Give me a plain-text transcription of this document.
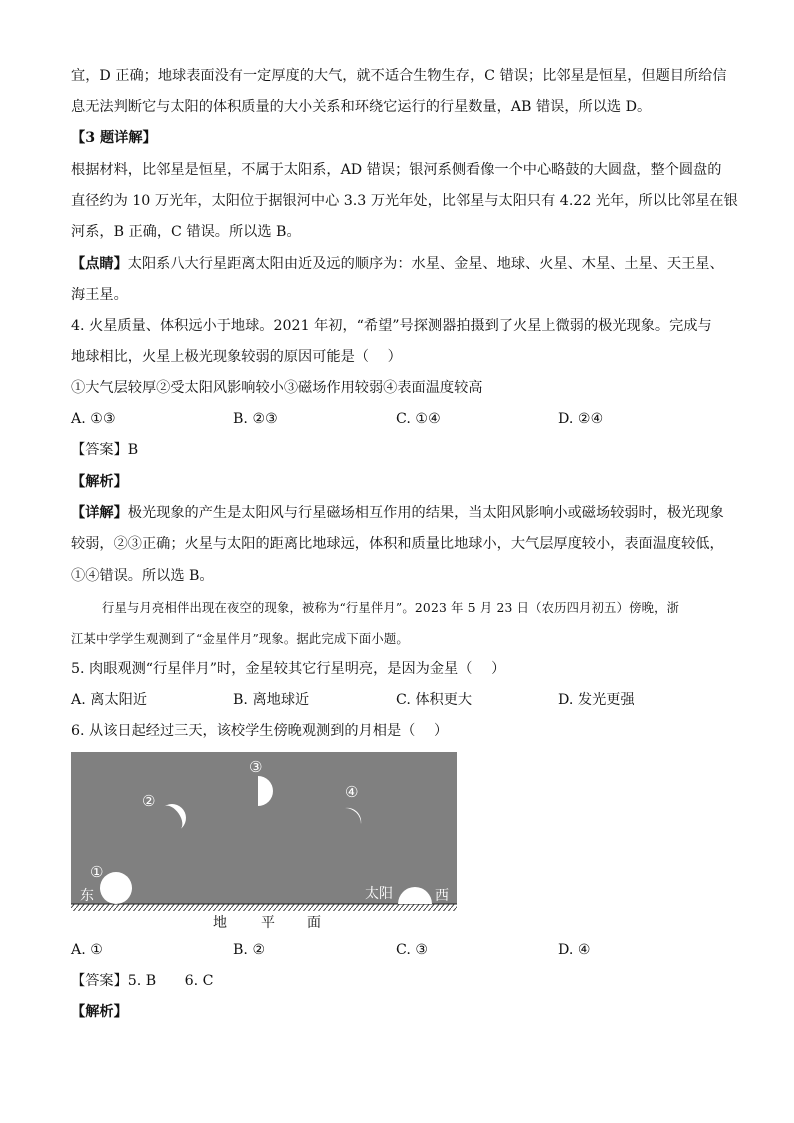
宜，D 正确；地球表面没有一定厚度的大气，就不适合生物生存，C 错误；比邻星是恒星，但题目所给信
息无法判断它与太阳的体积质量的大小关系和环绕它运行的行星数量，AB 错误，所以选 D。
【3 题详解】
根据材料，比邻星是恒星，不属于太阳系，AD 错误；银河系侧看像一个中心略鼓的大圆盘，整个圆盘的
直径约为 10 万光年，太阳位于据银河中心 3.3 万光年处，比邻星与太阳只有 4.22 光年，所以比邻星在银
河系，B 正确，C 错误。所以选 B。
【点睛】太阳系八大行星距离太阳由近及远的顺序为：水星、金星、地球、火星、木星、土星、天王星、
海王星。
4. 火星质量、体积远小于地球。2021 年初，“希望”号探测器拍摄到了火星上微弱的极光现象。完成与
地球相比，火星上极光现象较弱的原因可能是（　 ）
①大气层较厚②受太阳风影响较小③磁场作用较弱④表面温度较高
A. ①③	B. ②③	C. ①④	D. ②④
【答案】B
【解析】
【详解】极光现象的产生是太阳风与行星磁场相互作用的结果，当太阳风影响小或磁场较弱时，极光现象
较弱，②③正确；火星与太阳的距离比地球远，体积和质量比地球小，大气层厚度较小，表面温度较低，
①④错误。所以选 B。
行星与月亮相伴出现在夜空的现象，被称为“行星伴月”。2023 年 5 月 23 日（农历四月初五）傍晚，浙
江某中学学生观测到了“金星伴月”现象。据此完成下面小题。
5. 肉眼观测“行星伴月”时，金星较其它行星明亮，是因为金星（　 ）
A. 离太阳近	B. 离地球近	C. 体积更大	D. 发光更强
6. 从该日起经过三天，该校学生傍晚观测到的月相是（　 ）
①
②
③
④
东	太阳	西
地 平 面
A. ①	B. ②	C. ③	D. ④
【答案】5. B　　6. C
【解析】
